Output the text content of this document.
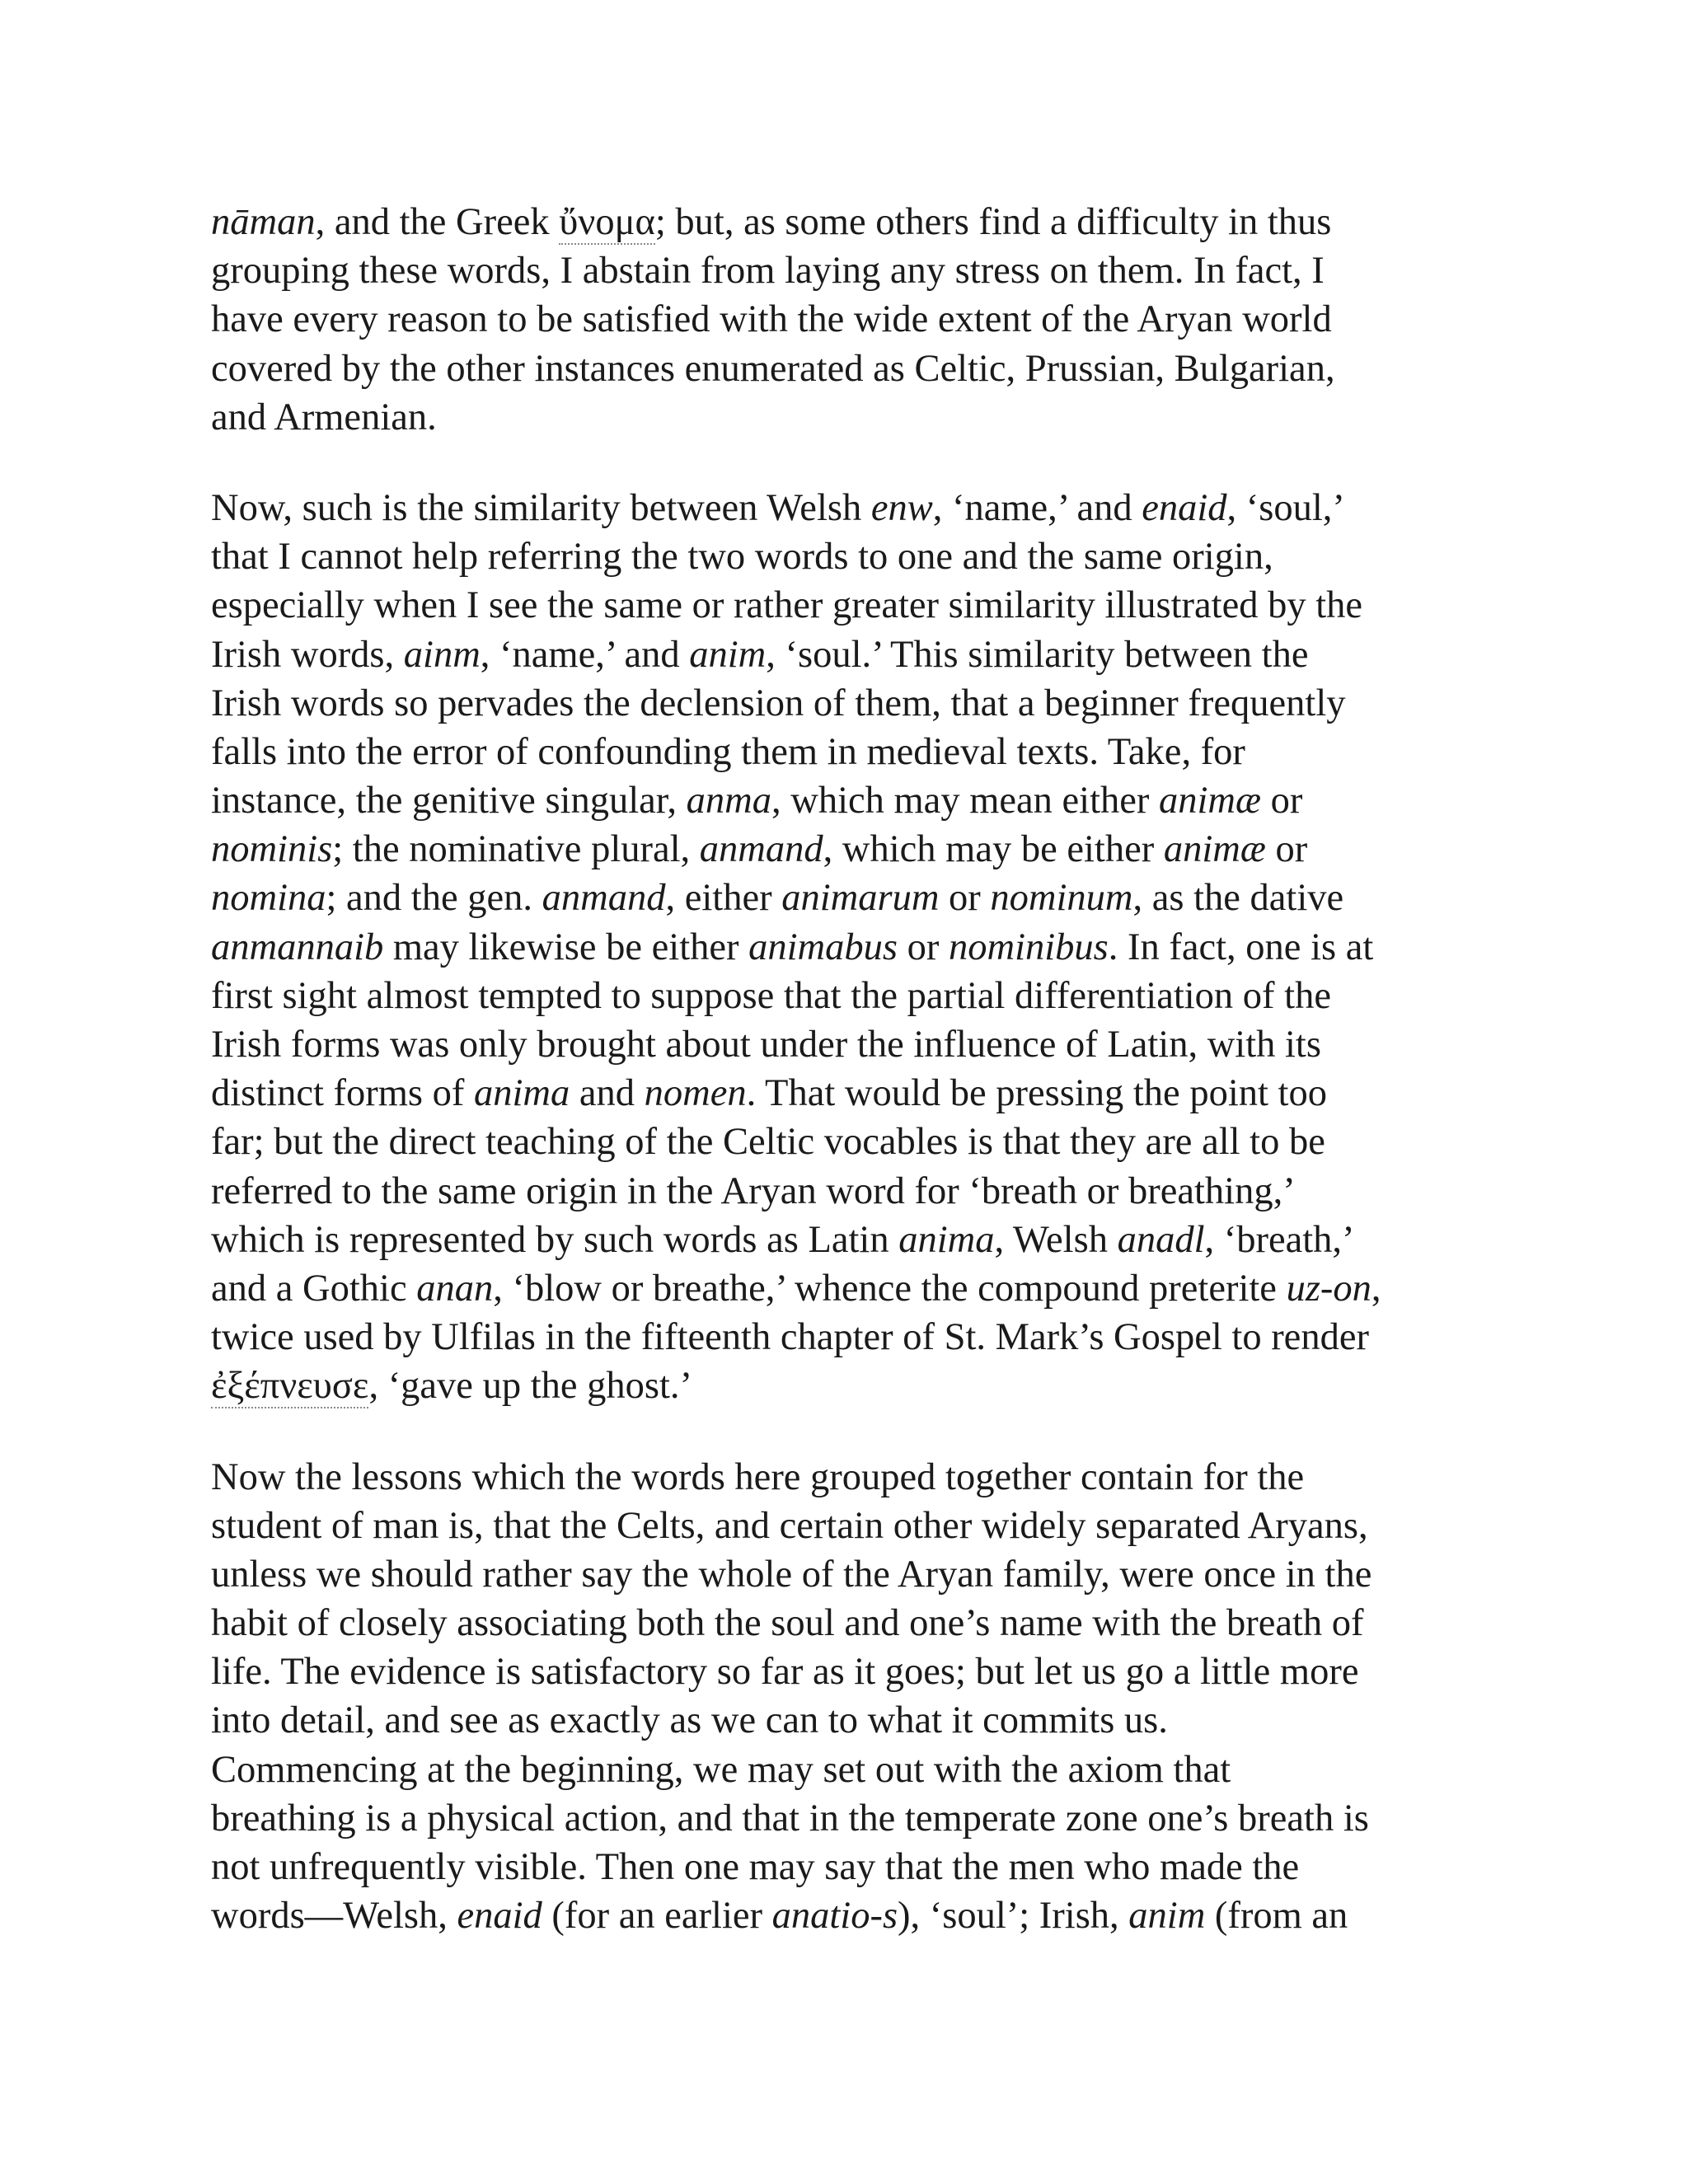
nāman, and the Greek ὔνομα; but, as some others find a difficulty in thus
grouping these words, I abstain from laying any stress on them. In fact, I
have every reason to be satisfied with the wide extent of the Aryan world
covered by the other instances enumerated as Celtic, Prussian, Bulgarian,
and Armenian.

Now, such is the similarity between Welsh enw, ‘name,’ and enaid, ‘soul,’
that I cannot help referring the two words to one and the same origin,
especially when I see the same or rather greater similarity illustrated by the
Irish words, ainm, ‘name,’ and anim, ‘soul.’ This similarity between the
Irish words so pervades the declension of them, that a beginner frequently
falls into the error of confounding them in medieval texts. Take, for
instance, the genitive singular, anma, which may mean either animæ or
nominis; the nominative plural, anmand, which may be either animæ or
nomina; and the gen. anmand, either animarum or nominum, as the dative
anmannaib may likewise be either animabus or nominibus. In fact, one is at
first sight almost tempted to suppose that the partial differentiation of the
Irish forms was only brought about under the influence of Latin, with its
distinct forms of anima and nomen. That would be pressing the point too
far; but the direct teaching of the Celtic vocables is that they are all to be
referred to the same origin in the Aryan word for ‘breath or breathing,’
which is represented by such words as Latin anima, Welsh anadl, ‘breath,’
and a Gothic anan, ‘blow or breathe,’ whence the compound preterite uz-on,
twice used by Ulfilas in the fifteenth chapter of St. Mark’s Gospel to render
ἐξέπνευσε, ‘gave up the ghost.’

Now the lessons which the words here grouped together contain for the
student of man is, that the Celts, and certain other widely separated Aryans,
unless we should rather say the whole of the Aryan family, were once in the
habit of closely associating both the soul and one’s name with the breath of
life. The evidence is satisfactory so far as it goes; but let us go a little more
into detail, and see as exactly as we can to what it commits us.
Commencing at the beginning, we may set out with the axiom that
breathing is a physical action, and that in the temperate zone one’s breath is
not unfrequently visible. Then one may say that the men who made the
words—Welsh, enaid (for an earlier anatio-s), ‘soul’; Irish, anim (from an
